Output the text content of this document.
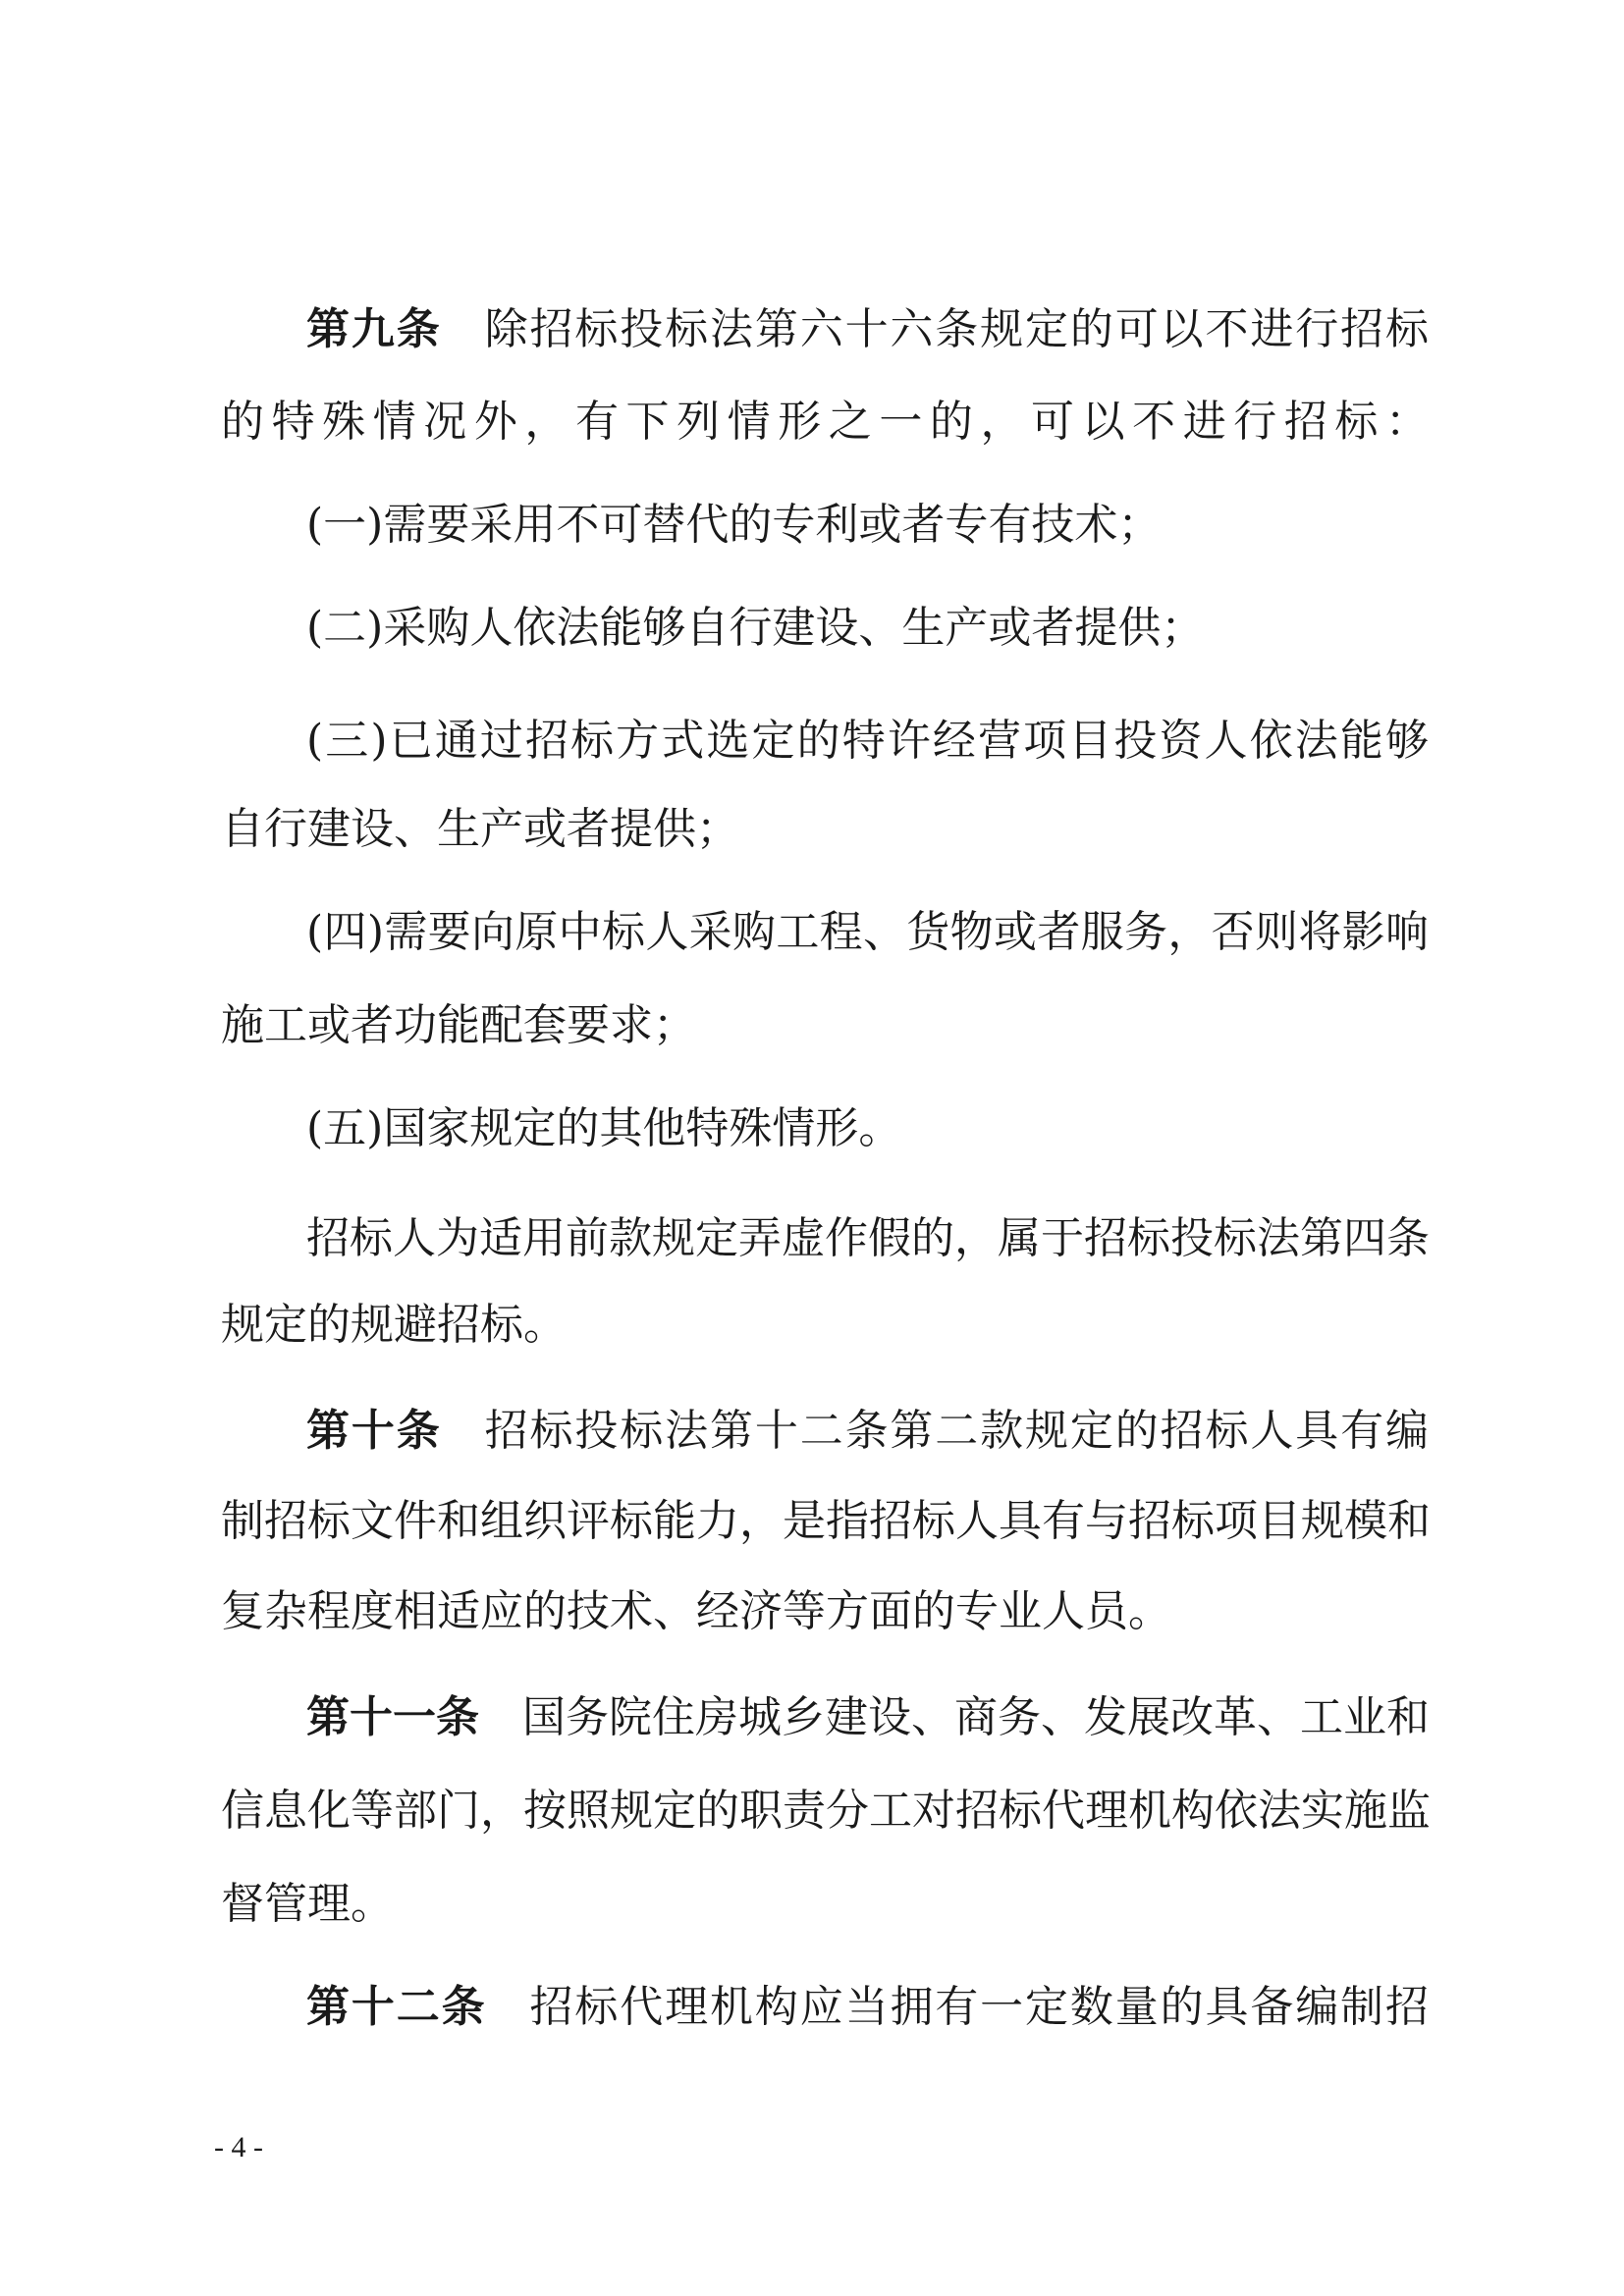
第九条 除招标投标法第六十六条规定的可以不进行招标
的特殊情况外，有下列情形之一的，可以不进行招标：
(一)需要采用不可替代的专利或者专有技术；
(二)采购人依法能够自行建设、生产或者提供；
(三)已通过招标方式选定的特许经营项目投资人依法能够
自行建设、生产或者提供；
(四)需要向原中标人采购工程、货物或者服务，否则将影响
施工或者功能配套要求；
(五)国家规定的其他特殊情形。
招标人为适用前款规定弄虚作假的，属于招标投标法第四条
规定的规避招标。
第十条 招标投标法第十二条第二款规定的招标人具有编
制招标文件和组织评标能力，是指招标人具有与招标项目规模和
复杂程度相适应的技术、经济等方面的专业人员。
第十一条 国务院住房城乡建设、商务、发展改革、工业和
信息化等部门，按照规定的职责分工对招标代理机构依法实施监
督管理。
第十二条 招标代理机构应当拥有一定数量的具备编制招
- 4 -
